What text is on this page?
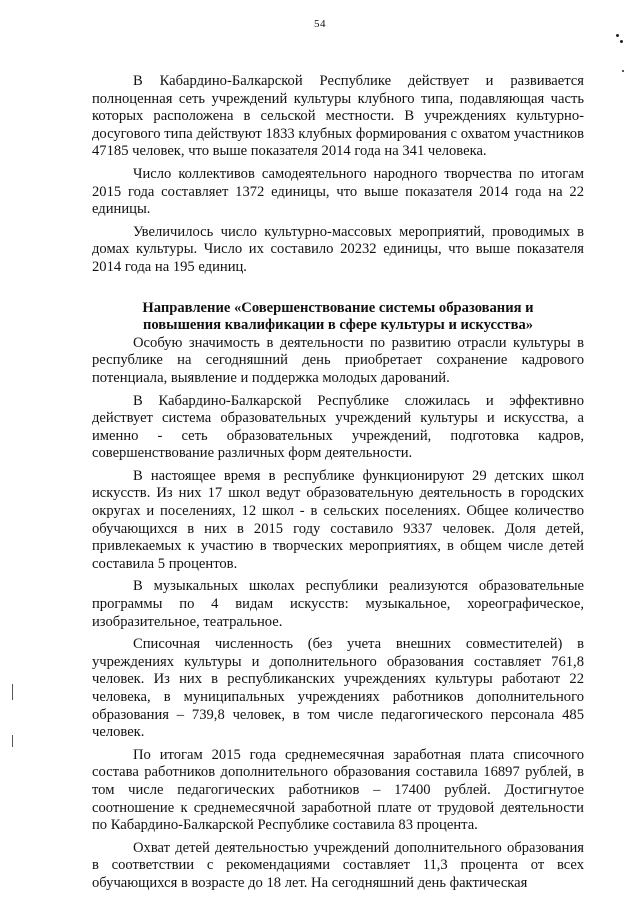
54

В Кабардино-Балкарской Республике действует и развивается полноценная сеть учреждений культуры клубного типа, подавляющая часть которых расположена в сельской местности. В учреждениях культурно-досугового типа действуют 1833 клубных формирования с охватом участников 47185 человек, что выше показателя 2014 года на 341 человека.

Число коллективов самодеятельного народного творчества по итогам 2015 года составляет 1372 единицы, что выше показателя 2014 года на 22 единицы.

Увеличилось число культурно-массовых мероприятий, проводимых в домах культуры. Число их составило 20232 единицы, что выше показателя 2014 года на 195 единиц.

Направление «Совершенствование системы образования и

повышения квалификации в сфере культуры и искусства»

Особую значимость в деятельности по развитию отрасли культуры в республике на сегодняшний день приобретает сохранение кадрового потенциала, выявление и поддержка молодых дарований.

В Кабардино-Балкарской Республике сложилась и эффективно действует система образовательных учреждений культуры и искусства, а именно - сеть образовательных учреждений, подготовка кадров, совершенствование различных форм деятельности.

В настоящее время в республике функционируют 29 детских школ искусств. Из них 17 школ ведут образовательную деятельность в городских округах и поселениях, 12 школ - в сельских поселениях. Общее количество обучающихся в них в 2015 году составило 9337 человек. Доля детей, привлекаемых к участию в творческих мероприятиях, в общем числе детей составила 5 процентов.

В музыкальных школах республики реализуются образовательные программы по 4 видам искусств: музыкальное, хореографическое, изобразительное, театральное.

Списочная численность (без учета внешних совместителей) в учреждениях культуры и дополнительного образования составляет 761,8 человек. Из них в республиканских учреждениях культуры работают 22 человека, в муниципальных учреждениях работников дополнительного образования – 739,8 человек, в том числе педагогического персонала 485 человек.

По итогам 2015 года среднемесячная заработная плата списочного состава работников дополнительного образования составила 16897 рублей, в том числе педагогических работников – 17400 рублей. Достигнутое соотношение к среднемесячной заработной плате от трудовой деятельности по Кабардино-Балкарской Республике составила 83 процента.

Охват детей деятельностью учреждений дополнительного образования в соответствии с рекомендациями составляет 11,3 процента от всех обучающихся в возрасте до 18 лет. На сегодняшний день фактическая
